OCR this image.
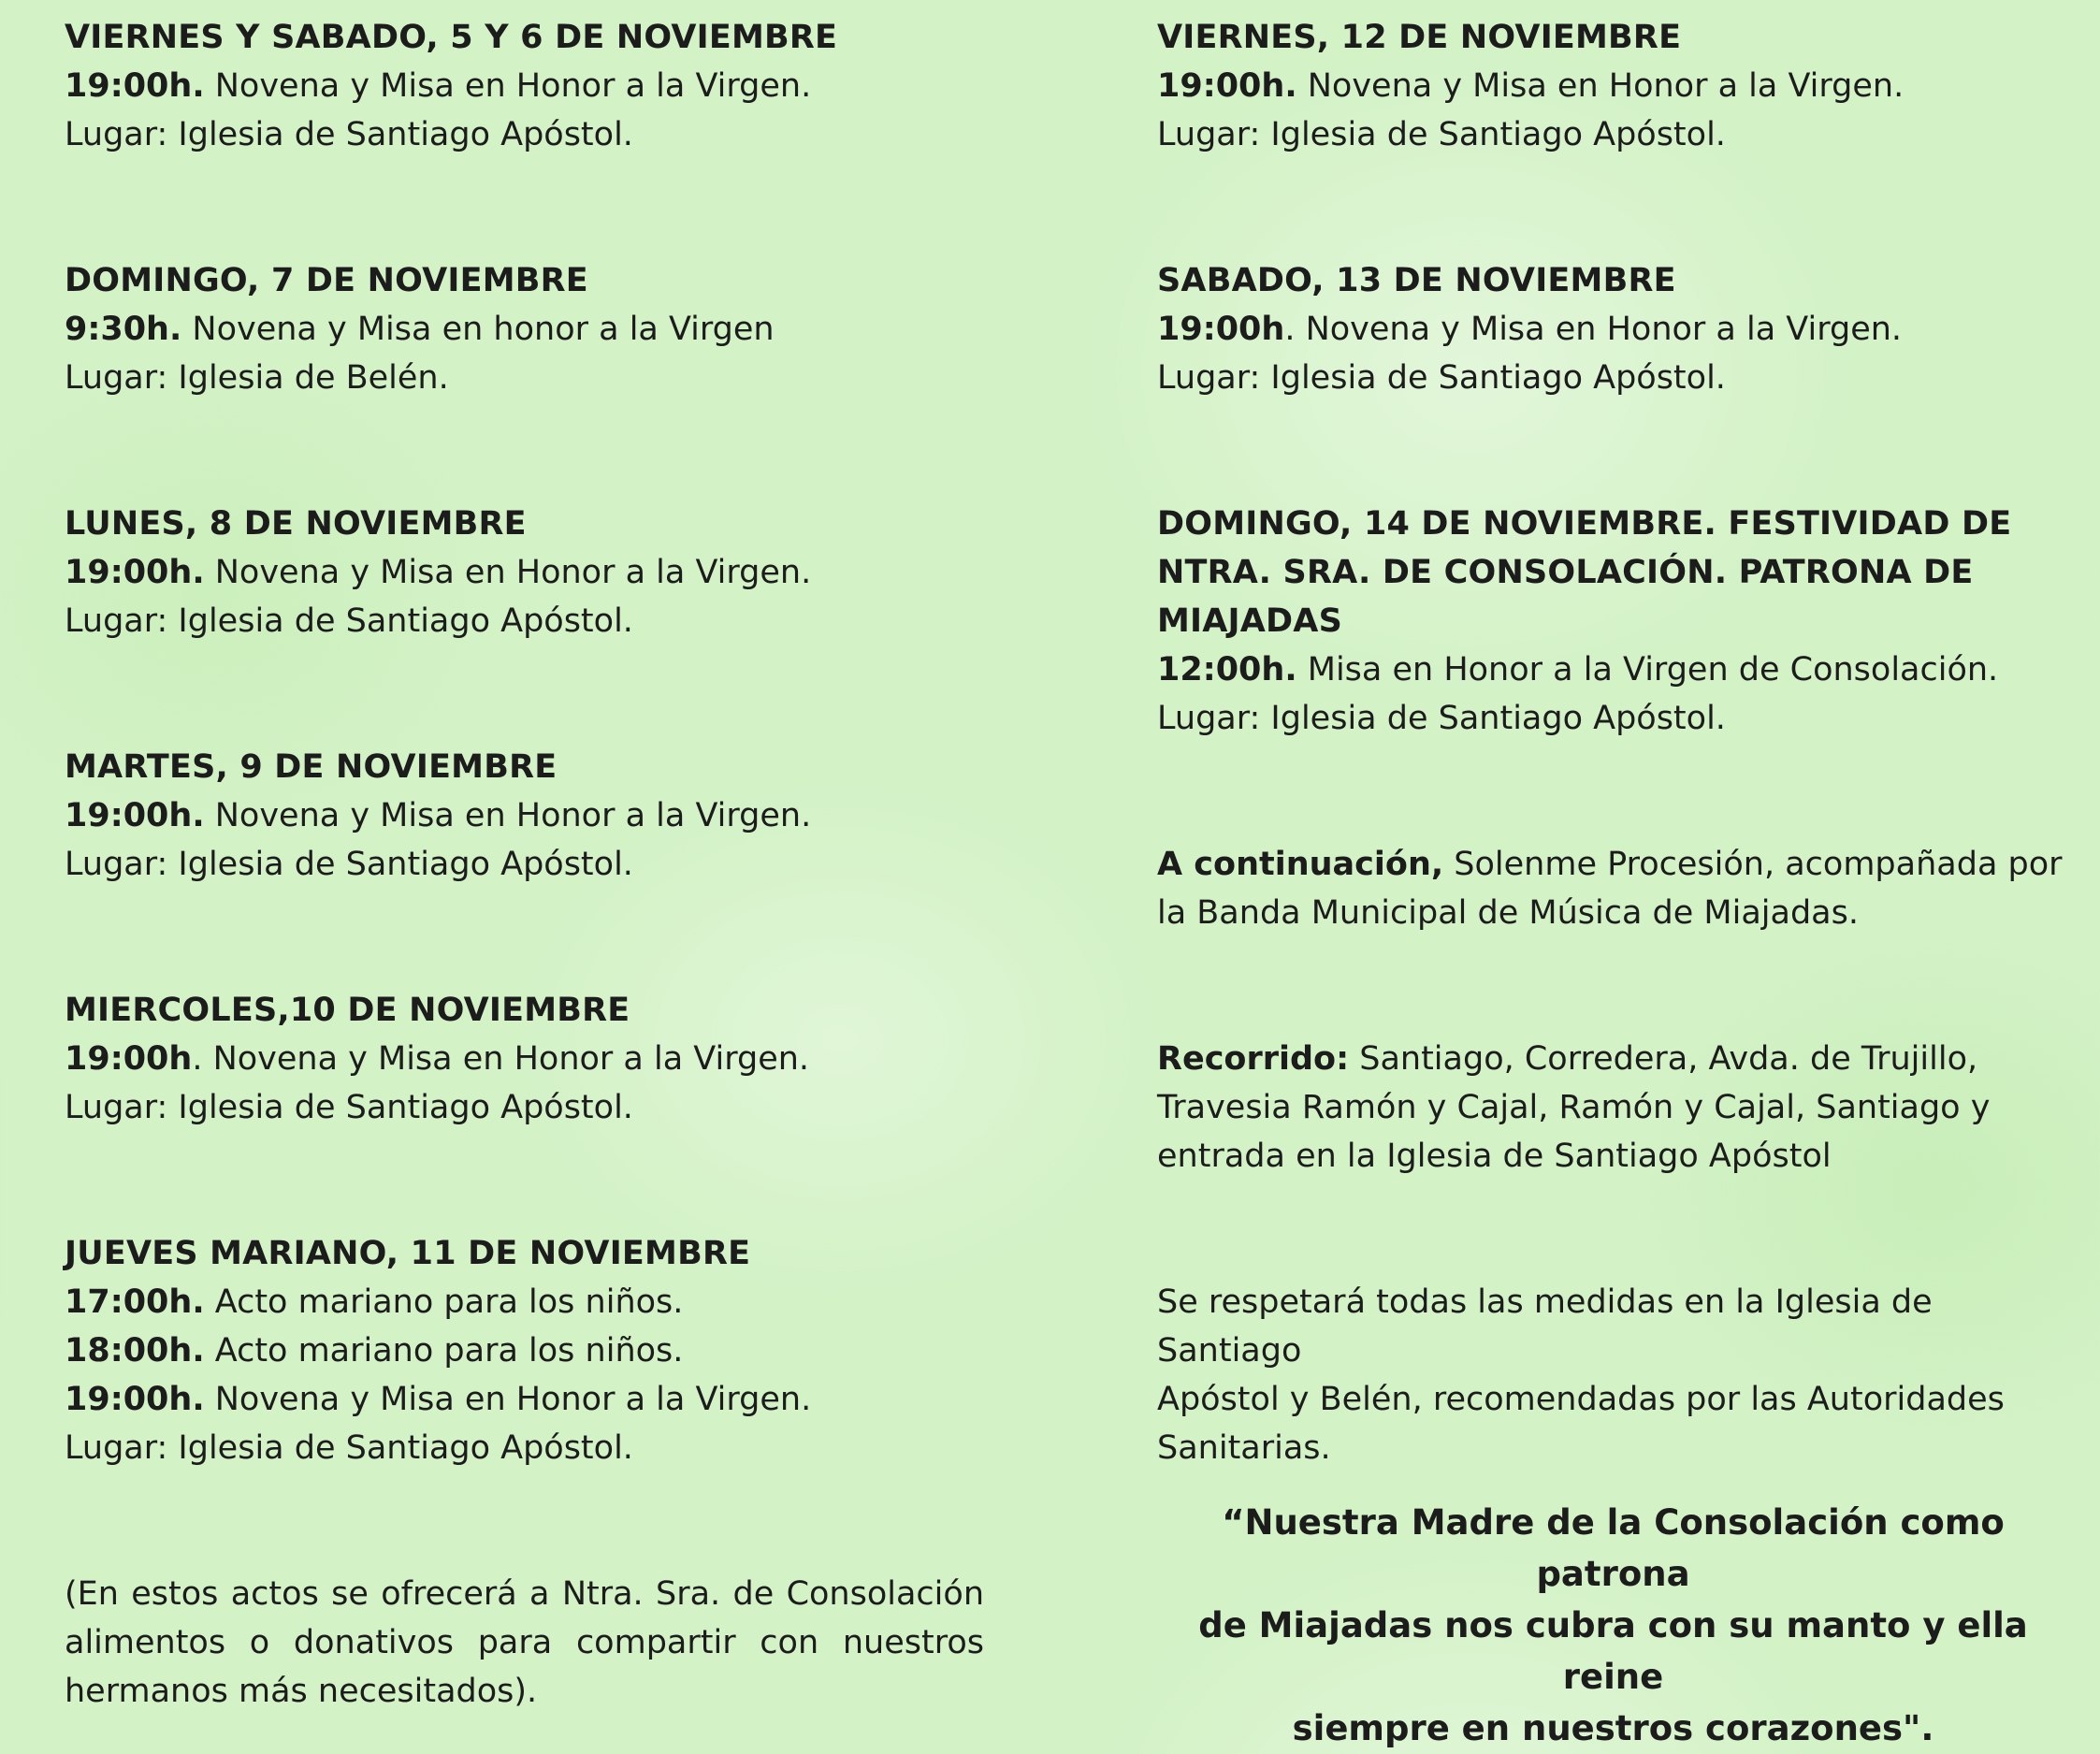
VIERNES Y SABADO, 5 Y 6 DE NOVIEMBRE

19:00h. Novena y Misa en Honor a la Virgen.

Lugar: Iglesia de Santiago Apóstol.

DOMINGO, 7 DE NOVIEMBRE

9:30h. Novena y Misa en honor a la Virgen

Lugar: Iglesia de Belén.

LUNES, 8 DE NOVIEMBRE

19:00h. Novena y Misa en Honor a la Virgen.

Lugar: Iglesia de Santiago Apóstol.

MARTES, 9 DE NOVIEMBRE

19:00h. Novena y Misa en Honor a la Virgen.

Lugar: Iglesia de Santiago Apóstol.

MIERCOLES,10 DE NOVIEMBRE

19:00h. Novena y Misa en Honor a la Virgen.

Lugar: Iglesia de Santiago Apóstol.

JUEVES MARIANO, 11 DE NOVIEMBRE

17:00h. Acto mariano para los niños.

18:00h. Acto mariano para los niños.

19:00h. Novena y Misa en Honor a la Virgen.

Lugar: Iglesia de Santiago Apóstol.

(En estos actos se ofrecerá a Ntra. Sra. de Consolación alimentos o donativos para compartir con nuestros hermanos más necesitados).

VIERNES, 12 DE NOVIEMBRE

19:00h. Novena y Misa en Honor a la Virgen.

Lugar: Iglesia de Santiago Apóstol.

SABADO, 13 DE NOVIEMBRE

19:00h. Novena y Misa en Honor a la Virgen.

Lugar: Iglesia de Santiago Apóstol.

DOMINGO, 14 DE NOVIEMBRE. FESTIVIDAD DE

NTRA. SRA. DE CONSOLACIÓN. PATRONA DE

MIAJADAS

12:00h. Misa en Honor a la Virgen de Consolación.

Lugar: Iglesia de Santiago Apóstol.

A continuación, Solenme Procesión, acompañada por

la Banda Municipal de Música de Miajadas.

Recorrido: Santiago, Corredera, Avda. de Trujillo,

Travesia Ramón y Cajal, Ramón y Cajal, Santiago y

entrada en la Iglesia de Santiago Apóstol

Se respetará todas las medidas en la Iglesia de Santiago

Apóstol y Belén, recomendadas por las Autoridades

Sanitarias.

“Nuestra Madre de la Consolación como patrona
de Miajadas nos cubra con su manto y ella reine
siempre en nuestros corazones".
